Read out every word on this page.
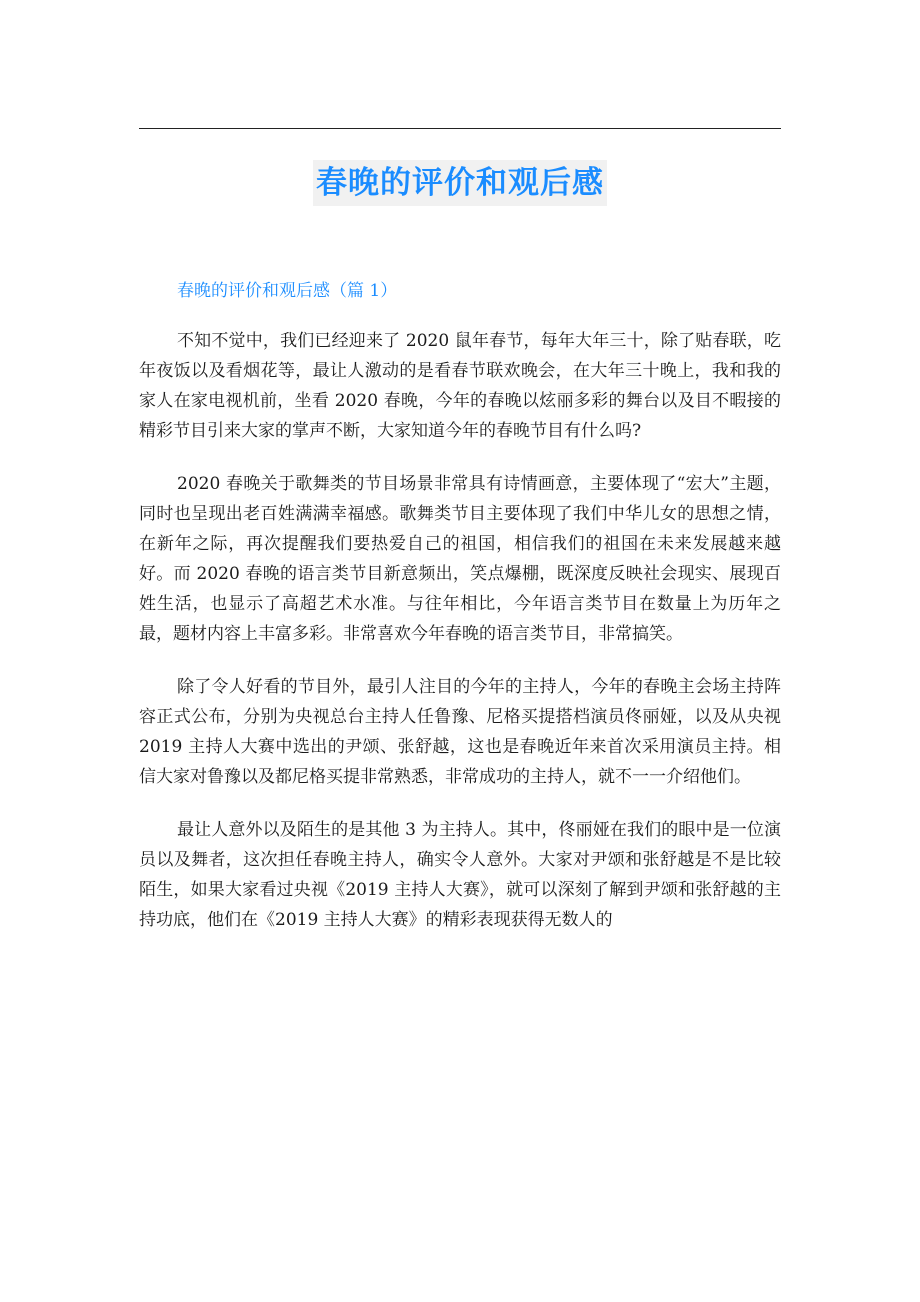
春晚的评价和观后感
春晚的评价和观后感（篇 1）

不知不觉中，我们已经迎来了 2020 鼠年春节，每年大年三十，除了贴春联，吃年夜饭以及看烟花等，最让人激动的是看春节联欢晚会，在大年三十晚上，我和我的家人在家电视机前，坐看 2020 春晚，今年的春晚以炫丽多彩的舞台以及目不暇接的精彩节目引来大家的掌声不断，大家知道今年的春晚节目有什么吗?

2020 春晚关于歌舞类的节目场景非常具有诗情画意，主要体现了“宏大”主题，同时也呈现出老百姓满满幸福感。歌舞类节目主要体现了我们中华儿女的思想之情，在新年之际，再次提醒我们要热爱自己的祖国，相信我们的祖国在未来发展越来越好。而 2020 春晚的语言类节目新意频出，笑点爆棚，既深度反映社会现实、展现百姓生活，也显示了高超艺术水准。与往年相比，今年语言类节目在数量上为历年之最，题材内容上丰富多彩。非常喜欢今年春晚的语言类节目，非常搞笑。

除了令人好看的节目外，最引人注目的今年的主持人，今年的春晚主会场主持阵容正式公布，分别为央视总台主持人任鲁豫、尼格买提搭档演员佟丽娅，以及从央视 2019 主持人大赛中选出的尹颂、张舒越，这也是春晚近年来首次采用演员主持。相信大家对鲁豫以及都尼格买提非常熟悉，非常成功的主持人，就不一一介绍他们。

最让人意外以及陌生的是其他 3 为主持人。其中，佟丽娅在我们的眼中是一位演员以及舞者，这次担任春晚主持人，确实令人意外。大家对尹颂和张舒越是不是比较陌生，如果大家看过央视《2019 主持人大赛》，就可以深刻了解到尹颂和张舒越的主持功底，他们在《2019 主持人大赛》的精彩表现获得无数人的
